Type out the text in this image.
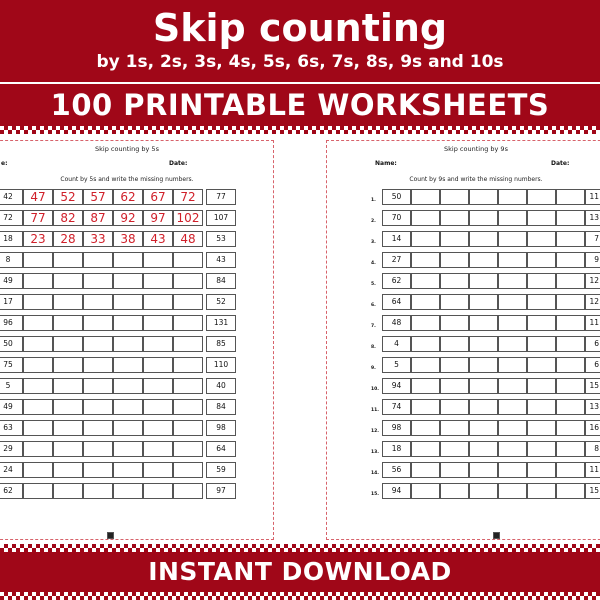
Skip counting
by 1s, 2s, 3s, 4s, 5s, 6s, 7s, 8s, 9s and 10s
100 PRINTABLE WORKSHEETS
Skip counting by 5s
e:	Date:
Count by 5s and write the missing numbers.
42	47	52	57	62	67	72	77
72	77	82	87	92	97 102	107
18	23	28	33	38	43	48	53
8	43
49	84
17	52
96	131
50	85
75	110
5	40
49	84
63	98
29	64
24	59
62	97
Skip counting by 9s
Name:	Date:
Count by 9s and write the missing numbers.
1.	50	11
2.	70	13
3.	14	7
4.	27	9
5.	62	12
6.	64	12
7.	48	11
8.	4	6
9.	5	6
10.	94	15
11.	74	13
12.	98	16
13.	18	8
14.	56	11
15.	94	15
INSTANT DOWNLOAD
